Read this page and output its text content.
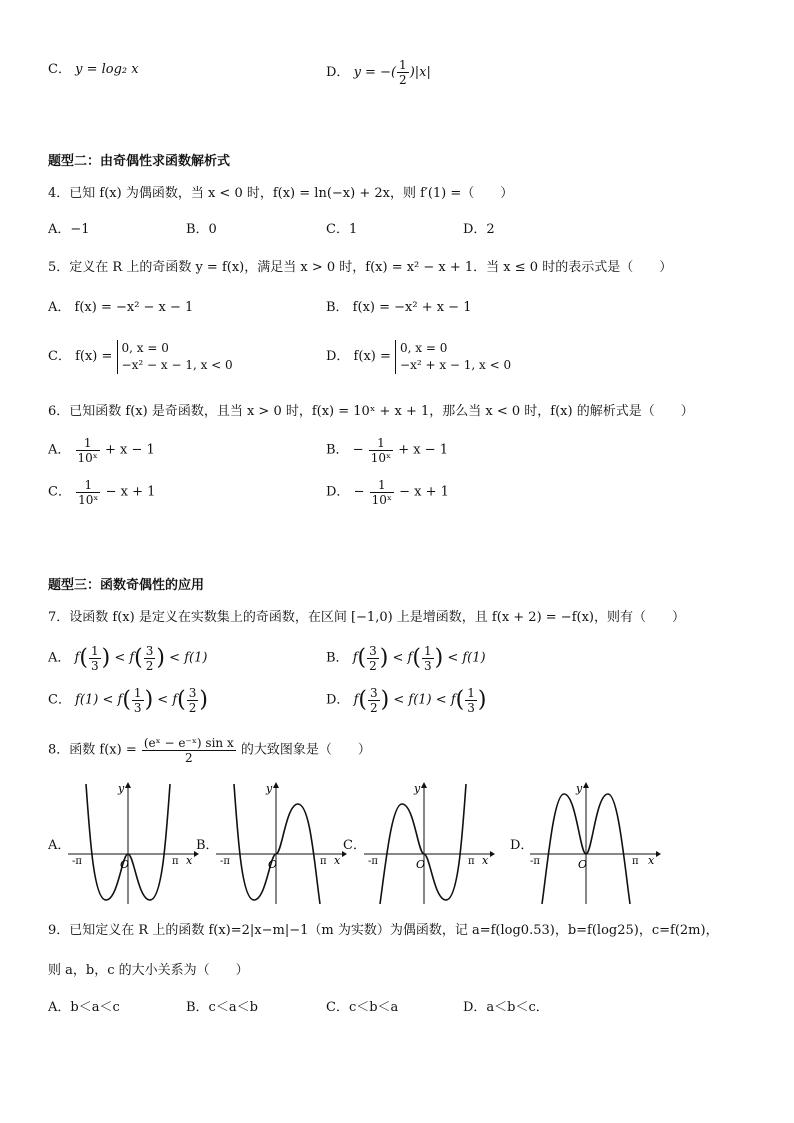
C． y = log₂ x	D． y = −( $\frac{1}{2} )|x|$
题型二：由奇偶性求函数解析式
4．已知 f(x) 为偶函数，当 x < 0 时，f(x) = ln(−x) + 2x，则 f′(1) =（　　）
A．−1	B．0	C．1	D．2
5．定义在 R 上的奇函数 y = f(x)，满足当 x > 0 时，f(x) = x² − x + 1．当 x ≤ 0 时的表示式是（　　）
A． f(x) = −x² − x − 1	B． f(x) = −x² + x − 1
C． f(x) =
0, x = 0
−x² − x − 1, x < 0
D． f(x) =
0, x = 0
−x² + x − 1, x < 0
6．已知函数 f(x) 是奇函数，且当 x > 0 时，f(x) = 10ˣ + x + 1，那么当 x < 0 时，f(x) 的解析式是（　　）
A． $\frac{1}{\text{10ˣ}} + x - 1$	B． − $\frac{1}{\text{10ˣ}} + x - 1$
C． $\frac{1}{\text{10ˣ}} - x + 1$	D． − $\frac{1}{\text{10ˣ}} - x + 1$
题型三：函数奇偶性的应用
7．设函数 f(x) 是定义在实数集上的奇函数，在区间 [−1,0) 上是增函数，且 f(x + 2) = −f(x)，则有（　　）
A． $f( \frac{1}{3}$ ) < $f( \frac{3}{2}$ ) < f(1)	B． $f( \frac{3}{2}$ ) < $f( \frac{1}{3}$ ) < f(1)
C． $f(1) < f( \frac{1}{3}$ ) < $f( \frac{3}{2}$ )	D． $f( \frac{3}{2}$ ) < $f(1) < f( \frac{1}{3}$ )
8．函数 $f(x) = \frac{\text{(eˣ − e⁻ˣ) sin x}}{2}$ 的大致图象是（　　）
A．	B．	C．	D．
y
x
O
-π	π
y
x
O
-π	π
y
x
O
-π	π
y
x
O
-π	π
9．已知定义在 R 上的函数 f(x)=2|x−m|−1（m 为实数）为偶函数，记 a=f(log0.53)，b=f(log25)，c=f(2m)，
则 a，b，c 的大小关系为（　　）
A．b＜a＜c	B．c＜a＜b	C．c＜b＜a	D．a＜b＜c．
